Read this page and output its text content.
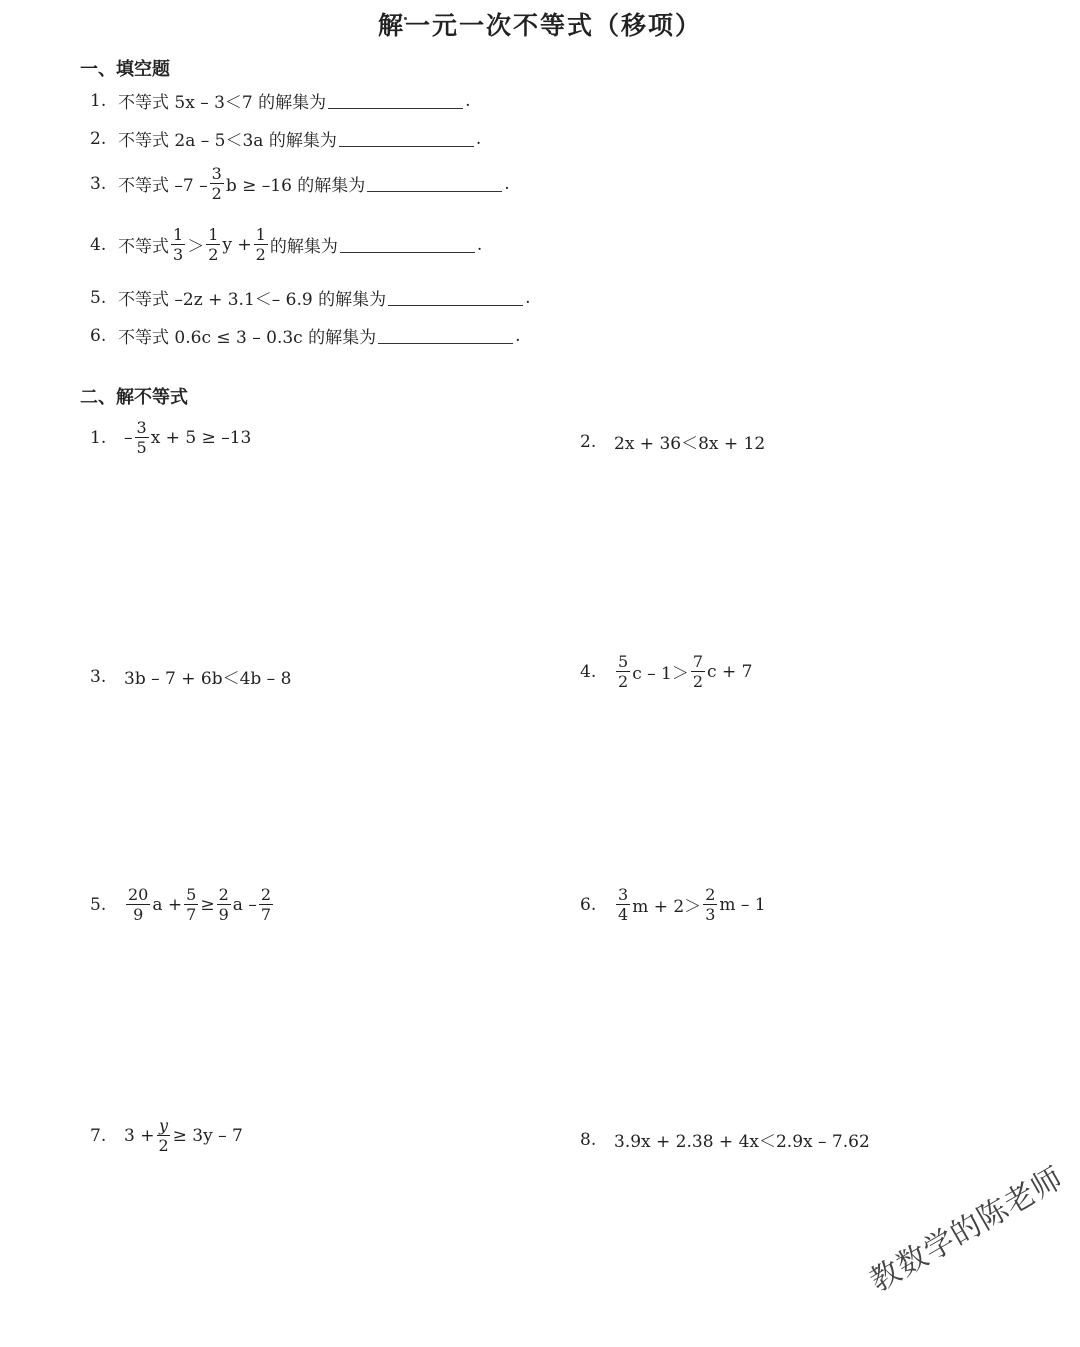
解一元一次不等式（移项）
一、填空题
1. 不等式 5x – 3＜7 的解集为	.
2. 不等式 2a – 5＜3a 的解集为	.
3. 不等式 $-7 - \frac{3}{2}$ b ≥ –16 的解集为	.
4. 不等式 $\frac{1}{3} > \frac{1}{2}$ $y + \frac{1}{2}$ 的解集为	.
5. 不等式 –2z + 3.1＜– 6.9 的解集为	.
6. 不等式 0.6c ≤ 3 – 0.3c 的解集为	.
二、解不等式
1.	– $\frac{3}{5}$ x + 5 ≥ –13	2.	2x + 36＜8x + 12
3.	3b – 7 + 6b＜4b – 8	4.	$\frac{5}{2}$ $c - 1> \frac{7}{2}$ c + 7
5.	$\frac{20}{9}$ $a + \frac{5}{7} \ge \frac{2}{9}$ a – $\frac{2}{7}$	6.	$\frac{3}{4}$ $m + 2> \frac{2}{3}$ m – 1
7.	$3 + \frac{y}{2} \ge 3y - 7$	8.	3.9x + 2.38 + 4x＜2.9x – 7.62
教数学的陈老师
